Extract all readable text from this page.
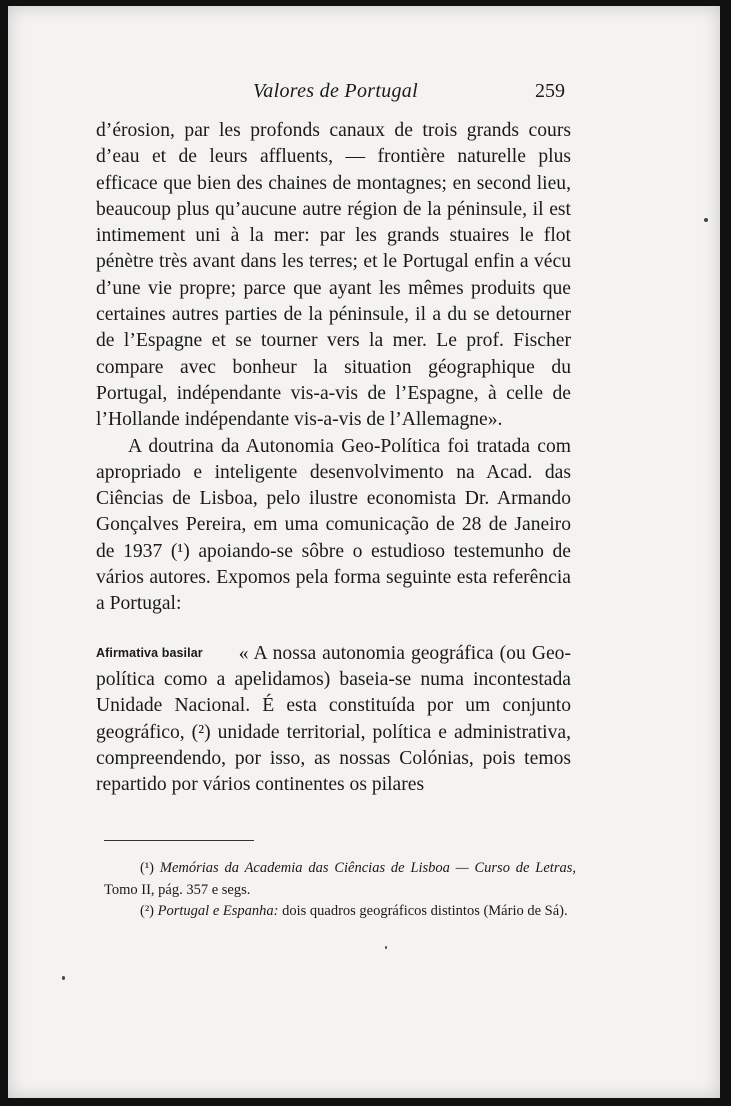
Valores de Portugal	259

d’érosion, par les profonds canaux de trois grands cours d’eau et de leurs affluents, — frontière naturelle plus efficace que bien des chaines de montagnes; en second lieu, beaucoup plus qu’aucune autre région de la péninsule, il est intimement uni à la mer: par les grands stuaires le flot pénètre très avant dans les terres; et le Portugal enfin a vécu d’une vie propre; parce que ayant les mêmes produits que certaines autres parties de la péninsule, il a du se detourner de l’Espagne et se tourner vers la mer. Le prof. Fischer compare avec bonheur la situation géographique du Portugal, indépendante vis-a-vis de l’Espagne, à celle de l’Hollande indépendante vis-a-vis de l’Allemagne».

A doutrina da Autonomia Geo-Política foi tratada com apropriado e inteligente desenvolvimento na Acad. das Ciências de Lisboa, pelo ilustre economista Dr. Armando Gonçalves Pereira, em uma comunicação de 28 de Janeiro de 1937 (¹) apoiando-se sôbre o estudioso testemunho de vários autores. Expomos pela forma seguinte esta referência a Portugal:

Afirmativa basilar « A nossa autonomia geográfica (ou Geo-política como a apelidamos) baseia-se numa incontestada Unidade Nacional. É esta constituída por um conjunto geográfico, (²) unidade territorial, política e administrativa, compreendendo, por isso, as nossas Colónias, pois temos repartido por vários continentes os pilares

(¹) Memórias da Academia das Ciências de Lisboa — Curso de Letras, Tomo II, pág. 357 e segs.

(²) Portugal e Espanha: dois quadros geográficos distintos (Mário de Sá).
